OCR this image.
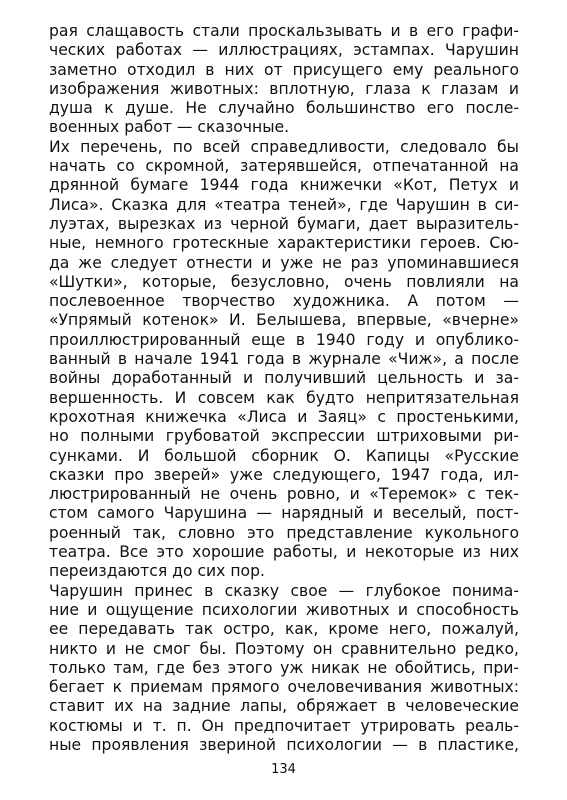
рая слащавость стали проскальзывать и в его графи-
ческих работах — иллюстрациях, эстампах. Чарушин
заметно отходил в них от присущего ему реального
изображения животных: вплотную, глаза к глазам и
душа к душе. Не случайно большинство его после-
военных работ — сказочные.
Их перечень, по всей справедливости, следовало бы
начать со скромной, затерявшейся, отпечатанной на
дрянной бумаге 1944 года книжечки «Кот, Петух и
Лиса». Сказка для «театра теней», где Чарушин в си-
луэтах, вырезках из черной бумаги, дает выразитель-
ные, немного гротескные характеристики героев. Сю-
да же следует отнести и уже не раз упоминавшиеся
«Шутки», которые, безусловно, очень повлияли на
послевоенное творчество художника. А потом —
«Упрямый котенок» И. Белышева, впервые, «вчерне»
проиллюстрированный еще в 1940 году и опублико-
ванный в начале 1941 года в журнале «Чиж», а после
войны доработанный и получивший цельность и за-
вершенность. И совсем как будто непритязательная
крохотная книжечка «Лиса и Заяц» с простенькими,
но полными грубоватой экспрессии штриховыми ри-
сунками. И большой сборник О. Капицы «Русские
сказки про зверей» уже следующего, 1947 года, ил-
люстрированный не очень ровно, и «Теремок» с тек-
стом самого Чарушина — нарядный и веселый, пост-
роенный так, словно это представление кукольного
театра. Все это хорошие работы, и некоторые из них
переиздаются до сих пор.
Чарушин принес в сказку свое — глубокое понима-
ние и ощущение психологии животных и способность
ее передавать так остро, как, кроме него, пожалуй,
никто и не смог бы. Поэтому он сравнительно редко,
только там, где без этого уж никак не обойтись, при-
бегает к приемам прямого очеловечивания животных:
ставит их на задние лапы, обряжает в человеческие
костюмы и т. п. Он предпочитает утрировать реаль-
ные проявления звериной психологии — в пластике,
134
